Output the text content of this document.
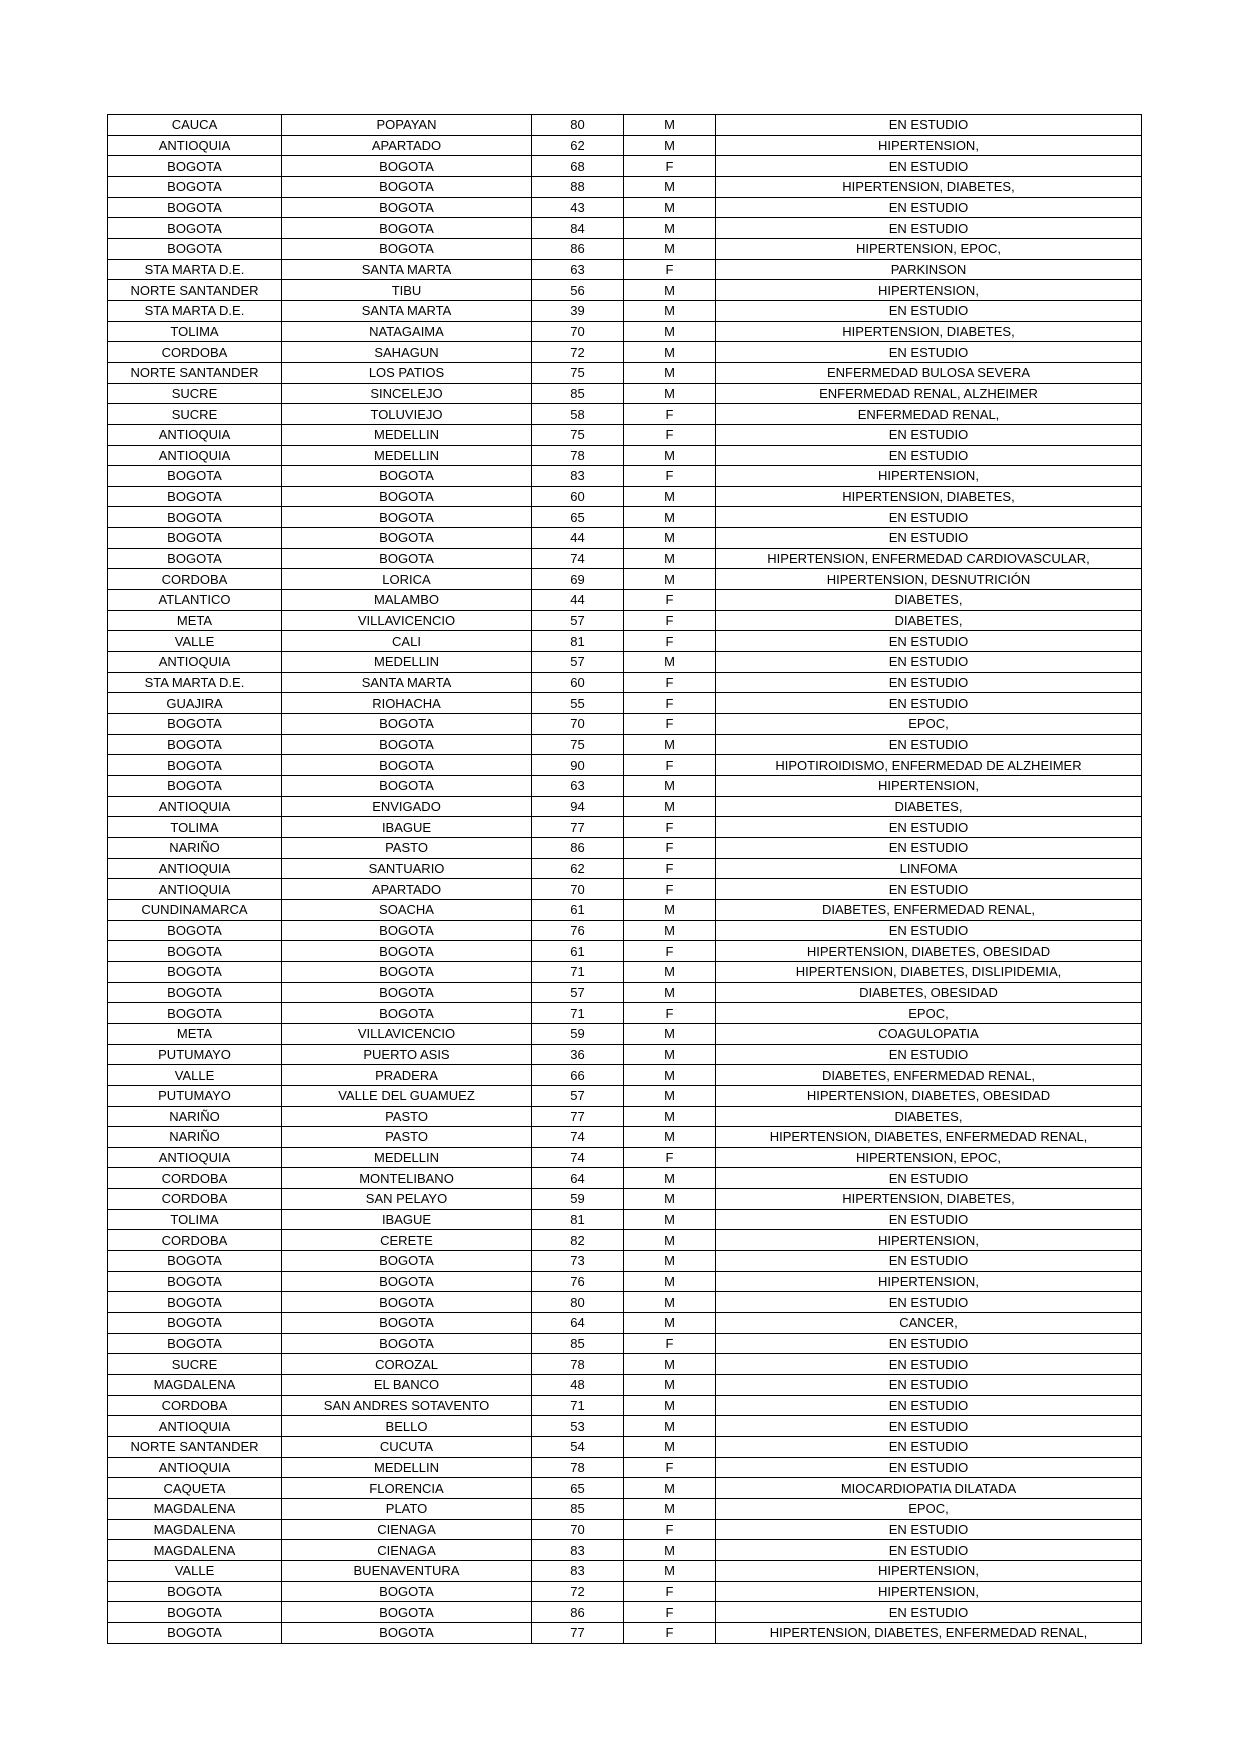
CAUCA	POPAYAN	80	M	EN ESTUDIO
ANTIOQUIA	APARTADO	62	M	HIPERTENSION,
BOGOTA	BOGOTA	68	F	EN ESTUDIO
BOGOTA	BOGOTA	88	M	HIPERTENSION, DIABETES,
BOGOTA	BOGOTA	43	M	EN ESTUDIO
BOGOTA	BOGOTA	84	M	EN ESTUDIO
BOGOTA	BOGOTA	86	M	HIPERTENSION, EPOC,
STA MARTA D.E.	SANTA MARTA	63	F	PARKINSON
NORTE SANTANDER	TIBU	56	M	HIPERTENSION,
STA MARTA D.E.	SANTA MARTA	39	M	EN ESTUDIO
TOLIMA	NATAGAIMA	70	M	HIPERTENSION, DIABETES,
CORDOBA	SAHAGUN	72	M	EN ESTUDIO
NORTE SANTANDER	LOS PATIOS	75	M	ENFERMEDAD BULOSA SEVERA
SUCRE	SINCELEJO	85	M	ENFERMEDAD RENAL, ALZHEIMER
SUCRE	TOLUVIEJO	58	F	ENFERMEDAD RENAL,
ANTIOQUIA	MEDELLIN	75	F	EN ESTUDIO
ANTIOQUIA	MEDELLIN	78	M	EN ESTUDIO
BOGOTA	BOGOTA	83	F	HIPERTENSION,
BOGOTA	BOGOTA	60	M	HIPERTENSION, DIABETES,
BOGOTA	BOGOTA	65	M	EN ESTUDIO
BOGOTA	BOGOTA	44	M	EN ESTUDIO
BOGOTA	BOGOTA	74	M	HIPERTENSION, ENFERMEDAD CARDIOVASCULAR,
CORDOBA	LORICA	69	M	HIPERTENSION, DESNUTRICIÓN
ATLANTICO	MALAMBO	44	F	DIABETES,
META	VILLAVICENCIO	57	F	DIABETES,
VALLE	CALI	81	F	EN ESTUDIO
ANTIOQUIA	MEDELLIN	57	M	EN ESTUDIO
STA MARTA D.E.	SANTA MARTA	60	F	EN ESTUDIO
GUAJIRA	RIOHACHA	55	F	EN ESTUDIO
BOGOTA	BOGOTA	70	F	EPOC,
BOGOTA	BOGOTA	75	M	EN ESTUDIO
BOGOTA	BOGOTA	90	F	HIPOTIROIDISMO, ENFERMEDAD DE ALZHEIMER
BOGOTA	BOGOTA	63	M	HIPERTENSION,
ANTIOQUIA	ENVIGADO	94	M	DIABETES,
TOLIMA	IBAGUE	77	F	EN ESTUDIO
NARIÑO	PASTO	86	F	EN ESTUDIO
ANTIOQUIA	SANTUARIO	62	F	LINFOMA
ANTIOQUIA	APARTADO	70	F	EN ESTUDIO
CUNDINAMARCA	SOACHA	61	M	DIABETES, ENFERMEDAD RENAL,
BOGOTA	BOGOTA	76	M	EN ESTUDIO
BOGOTA	BOGOTA	61	F	HIPERTENSION, DIABETES, OBESIDAD
BOGOTA	BOGOTA	71	M	HIPERTENSION, DIABETES, DISLIPIDEMIA,
BOGOTA	BOGOTA	57	M	DIABETES, OBESIDAD
BOGOTA	BOGOTA	71	F	EPOC,
META	VILLAVICENCIO	59	M	COAGULOPATIA
PUTUMAYO	PUERTO ASIS	36	M	EN ESTUDIO
VALLE	PRADERA	66	M	DIABETES, ENFERMEDAD RENAL,
PUTUMAYO	VALLE DEL GUAMUEZ	57	M	HIPERTENSION, DIABETES, OBESIDAD
NARIÑO	PASTO	77	M	DIABETES,
NARIÑO	PASTO	74	M	HIPERTENSION, DIABETES, ENFERMEDAD RENAL,
ANTIOQUIA	MEDELLIN	74	F	HIPERTENSION, EPOC,
CORDOBA	MONTELIBANO	64	M	EN ESTUDIO
CORDOBA	SAN PELAYO	59	M	HIPERTENSION, DIABETES,
TOLIMA	IBAGUE	81	M	EN ESTUDIO
CORDOBA	CERETE	82	M	HIPERTENSION,
BOGOTA	BOGOTA	73	M	EN ESTUDIO
BOGOTA	BOGOTA	76	M	HIPERTENSION,
BOGOTA	BOGOTA	80	M	EN ESTUDIO
BOGOTA	BOGOTA	64	M	CANCER,
BOGOTA	BOGOTA	85	F	EN ESTUDIO
SUCRE	COROZAL	78	M	EN ESTUDIO
MAGDALENA	EL BANCO	48	M	EN ESTUDIO
CORDOBA	SAN ANDRES SOTAVENTO	71	M	EN ESTUDIO
ANTIOQUIA	BELLO	53	M	EN ESTUDIO
NORTE SANTANDER	CUCUTA	54	M	EN ESTUDIO
ANTIOQUIA	MEDELLIN	78	F	EN ESTUDIO
CAQUETA	FLORENCIA	65	M	MIOCARDIOPATIA DILATADA
MAGDALENA	PLATO	85	M	EPOC,
MAGDALENA	CIENAGA	70	F	EN ESTUDIO
MAGDALENA	CIENAGA	83	M	EN ESTUDIO
VALLE	BUENAVENTURA	83	M	HIPERTENSION,
BOGOTA	BOGOTA	72	F	HIPERTENSION,
BOGOTA	BOGOTA	86	F	EN ESTUDIO
BOGOTA	BOGOTA	77	F	HIPERTENSION, DIABETES, ENFERMEDAD RENAL,
